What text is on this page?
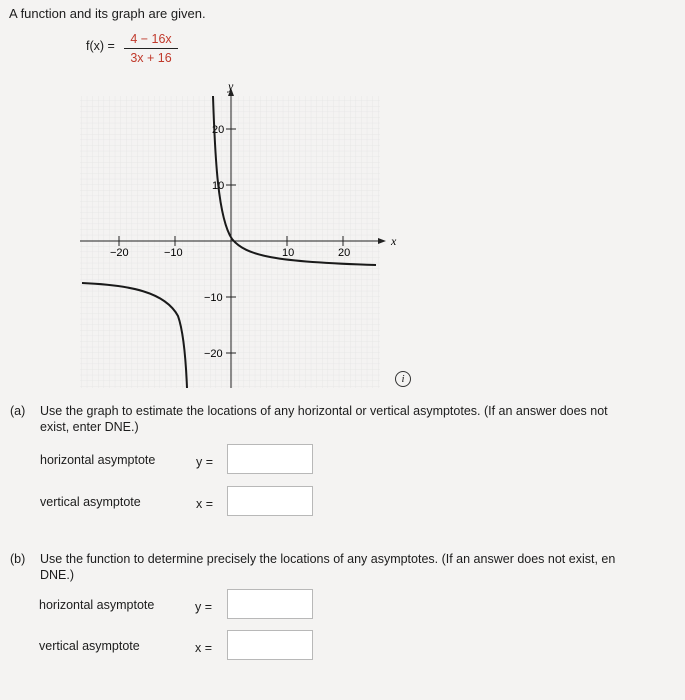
A function and its graph are given.
$f(x) = \frac{4 - 16x}{3x + 16}$
−20	−10	10	20
20
10
−10
−20
x
y
i
(a) Use the graph to estimate the locations of any horizontal or vertical asymptotes. (If an answer does not
exist, enter DNE.)
horizontal asymptote	y =
vertical asymptote	x =
(b) Use the function to determine precisely the locations of any asymptotes. (If an answer does not exist, en
DNE.)
horizontal asymptote	y =
vertical asymptote	x =
